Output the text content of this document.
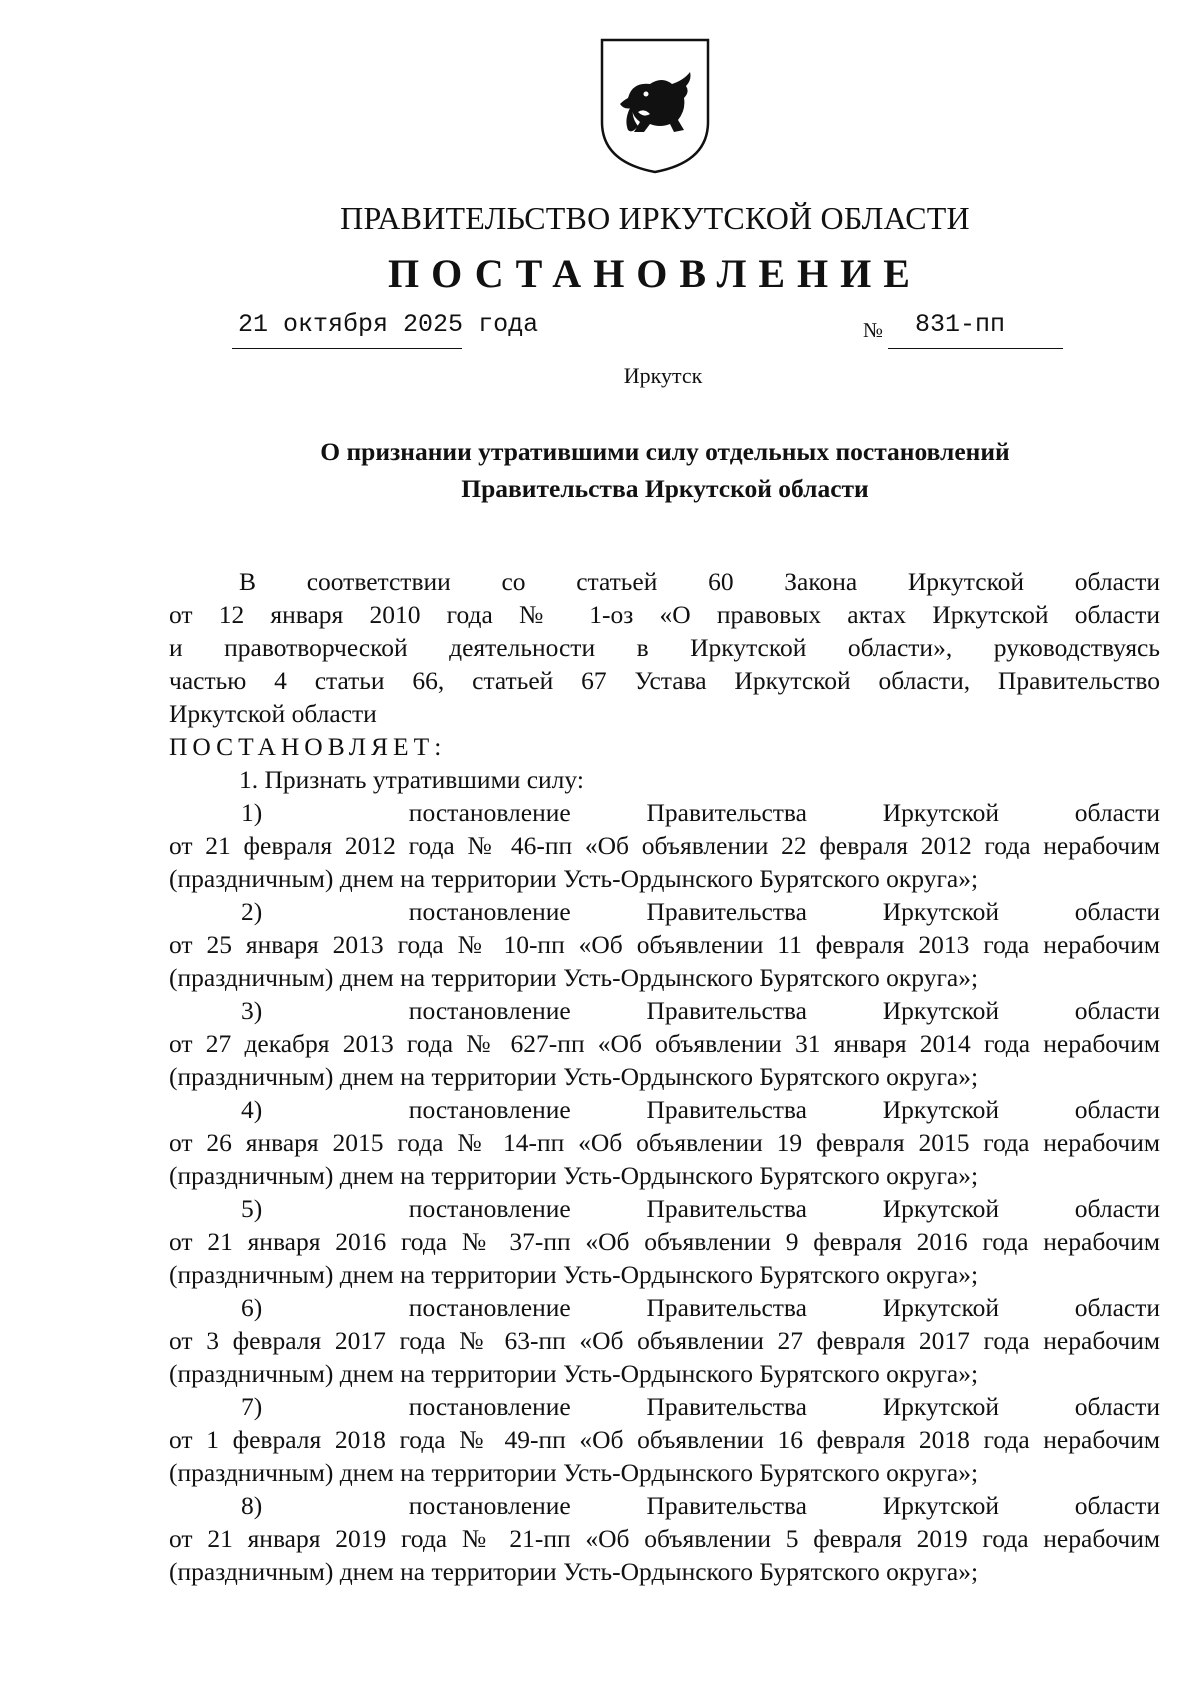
ПРАВИТЕЛЬСТВО ИРКУТСКОЙ ОБЛАСТИ
ПОСТАНОВЛЕНИЕ
21 октября 2025 года	№ 831-пп
Иркутск
О признании утратившими силу отдельных постановлений
Правительства Иркутской области
В соответствии со статьей 60 Закона Иркутской области
от 12 января 2010 года № 1-оз «О правовых актах Иркутской области
и правотворческой деятельности в Иркутской области», руководствуясь
частью 4 статьи 66, статьей 67 Устава Иркутской области, Правительство
Иркутской области
ПОСТАНОВЛЯЕТ:
1. Признать утратившими силу:
1)	постановление	Правительства	Иркутской	области
от 21 февраля 2012 года № 46-пп «Об объявлении 22 февраля 2012 года нерабочим
(праздничным) днем на территории Усть-Ордынского Бурятского округа»;
2)	постановление	Правительства	Иркутской	области
от 25 января 2013 года № 10-пп «Об объявлении 11 февраля 2013 года нерабочим
(праздничным) днем на территории Усть-Ордынского Бурятского округа»;
3)	постановление	Правительства	Иркутской	области
от 27 декабря 2013 года № 627-пп «Об объявлении 31 января 2014 года нерабочим
(праздничным) днем на территории Усть-Ордынского Бурятского округа»;
4)	постановление	Правительства	Иркутской	области
от 26 января 2015 года № 14-пп «Об объявлении 19 февраля 2015 года нерабочим
(праздничным) днем на территории Усть-Ордынского Бурятского округа»;
5)	постановление	Правительства	Иркутской	области
от 21 января 2016 года № 37-пп «Об объявлении 9 февраля 2016 года нерабочим
(праздничным) днем на территории Усть-Ордынского Бурятского округа»;
6)	постановление	Правительства	Иркутской	области
от 3 февраля 2017 года № 63-пп «Об объявлении 27 февраля 2017 года нерабочим
(праздничным) днем на территории Усть-Ордынского Бурятского округа»;
7)	постановление	Правительства	Иркутской	области
от 1 февраля 2018 года № 49-пп «Об объявлении 16 февраля 2018 года нерабочим
(праздничным) днем на территории Усть-Ордынского Бурятского округа»;
8)	постановление	Правительства	Иркутской	области
от 21 января 2019 года № 21-пп «Об объявлении 5 февраля 2019 года нерабочим
(праздничным) днем на территории Усть-Ордынского Бурятского округа»;
